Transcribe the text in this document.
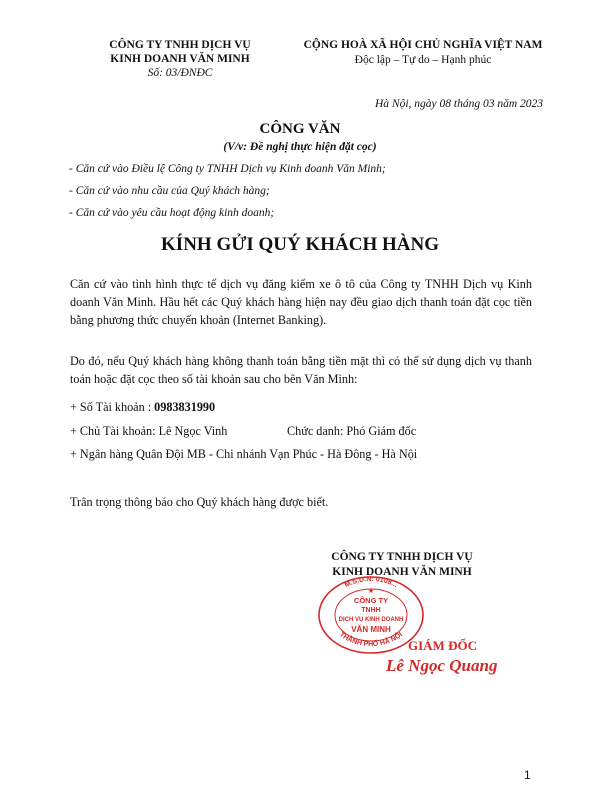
CÔNG TY TNHH DỊCH VỤ
KINH DOANH VĂN MINH
Số: 03/ĐNĐC
CỘNG HOÀ XÃ HỘI CHỦ NGHĨA VIỆT NAM
Độc lập – Tự do – Hạnh phúc
Hà Nội, ngày 08 tháng 03 năm 2023
CÔNG VĂN
(V/v: Đề nghị thực hiện đặt cọc)
- Căn cứ vào Điều lệ Công ty TNHH Dịch vụ Kinh doanh Văn Minh;
- Căn cứ vào nhu cầu của Quý khách hàng;
- Căn cứ vào yêu cầu hoạt động kinh doanh;
KÍNH GỬI QUÝ KHÁCH HÀNG
Căn cứ vào tình hình thực tế dịch vụ đăng kiểm xe ô tô của Công ty TNHH Dịch vụ Kinh doanh Văn Minh. Hầu hết các Quý khách hàng hiện nay đều giao dịch thanh toán đặt cọc tiền bằng phương thức chuyển khoản (Internet Banking).
Do đó, nếu Quý khách hàng không thanh toán bằng tiền mặt thì có thể sử dụng dịch vụ thanh toán hoặc đặt cọc theo số tài khoản sau cho bên Văn Minh:
+ Số Tài khoản : 0983831990
+ Chủ Tài khoản: Lê Ngọc Vinh	Chức danh: Phó Giám đốc
+ Ngân hàng Quân Đội MB - Chi nhánh Vạn Phúc - Hà Đông - Hà Nội
Trân trọng thông báo cho Quý khách hàng được biết.
CÔNG TY TNHH DỊCH VỤ
KINH DOANH VĂN MINH
M.S.D.N: 0108...
THÀNH PHỐ HÀ NỘI
CÔNG TY
TNHH
DỊCH VỤ KINH DOANH
VĂN MINH
★
GIÁM ĐỐC
Lê Ngọc Quang
1
